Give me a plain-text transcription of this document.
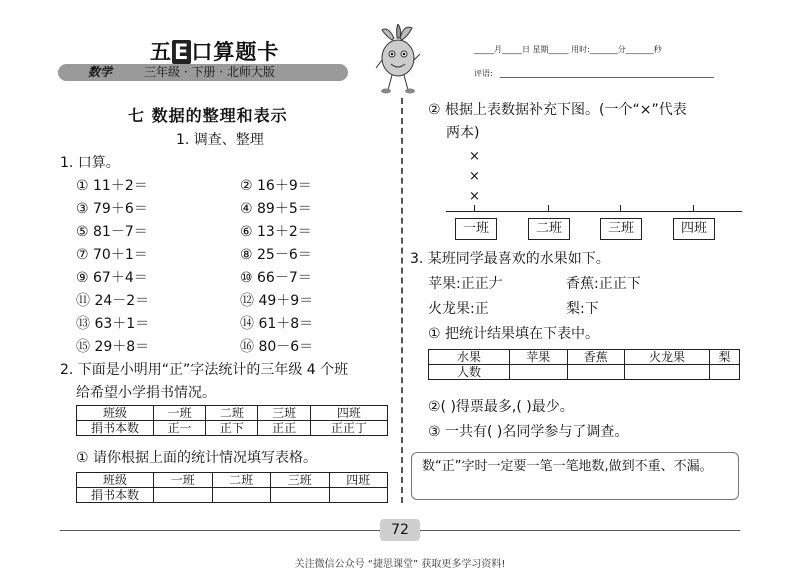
五E口算题卡
数学	三年级 · 下册 · 北师大版
_____月_____日 星期_____ 用时:_______分_______秒
评语:
七 数据的整理和表示
1. 调查、整理
1. 口算。
① 11＋2＝	② 16＋9＝
③ 79＋6＝	④ 89＋5＝
⑤ 81－7＝	⑥ 13＋2＝
⑦ 70＋1＝	⑧ 25－6＝
⑨ 67＋4＝	⑩ 66－7＝
⑪ 24－2＝	⑫ 49＋9＝
⑬ 63＋1＝	⑭ 61＋8＝
⑮ 29＋8＝	⑯ 80－6＝
2. 下面是小明用“正”字法统计的三年级 4 个班
给希望小学捐书情况。
班级	一班	二班	三班	四班
捐书本数	正一	正下	正正	正正丁
① 请你根据上面的统计情况填写表格。
班级	一班	二班	三班	四班
捐书本数				
② 根据上表数据补充下图。(一个“×”代表
两本)
×
×
×
一班	二班	三班	四班
3. 某班同学最喜欢的水果如下。
苹果:正正𠂇	香蕉:正正下
火龙果:正	梨:下
① 把统计结果填在下表中。
水果	苹果	香蕉	火龙果	梨
人数				
②( )得票最多,( )最少。
③ 一共有( )名同学参与了调查。
数“正”字时一定要一笔一笔地数,做到不重、不漏。
72
关注微信公众号 “捷思课堂” 获取更多学习资料!
